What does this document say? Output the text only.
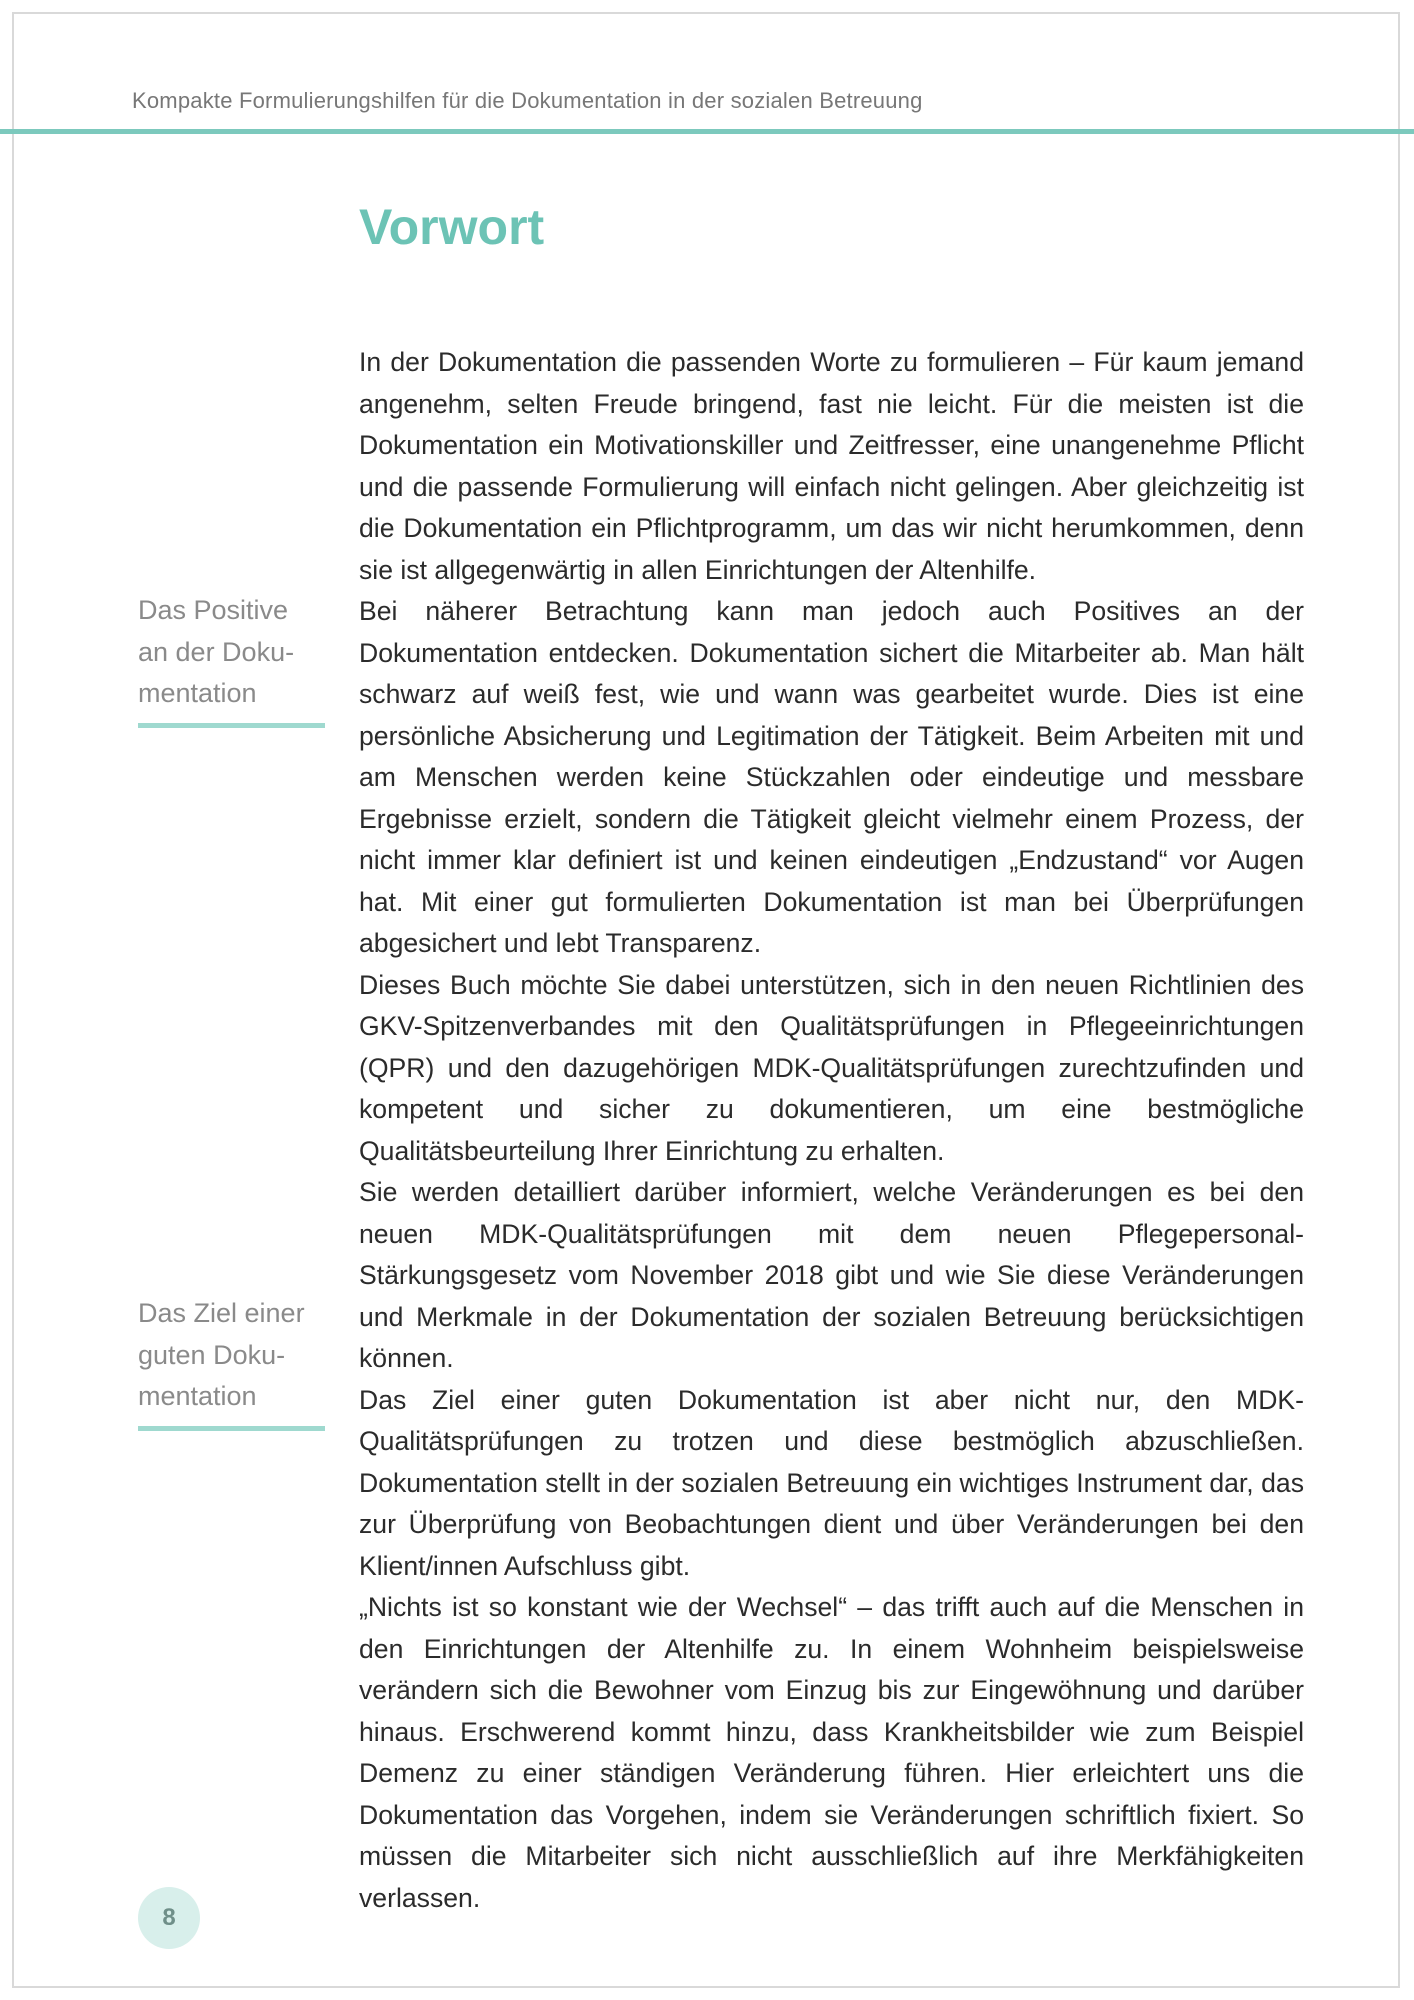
Kompakte Formulierungshilfen für die Dokumentation in der sozialen Betreuung
Vorwort
Das Positive
an der Doku-
mentation
Das Ziel einer
guten Doku-
mentation

In der Dokumentation die passenden Worte zu formulieren – Für kaum jemand angenehm, selten Freude bringend, fast nie leicht. Für die meisten ist die Dokumentation ein Motivationskiller und Zeitfresser, eine unangenehme Pflicht und die passende Formulierung will einfach nicht gelingen. Aber gleichzeitig ist die Dokumentation ein Pflichtprogramm, um das wir nicht herumkommen, denn sie ist allgegenwärtig in allen Einrichtungen der Altenhilfe.

Bei näherer Betrachtung kann man jedoch auch Positives an der Dokumentation entdecken. Dokumentation sichert die Mitarbeiter ab. Man hält schwarz auf weiß fest, wie und wann was gearbeitet wurde. Dies ist eine persönliche Absicherung und Legitimation der Tätigkeit. Beim Arbeiten mit und am Menschen werden keine Stückzahlen oder eindeutige und messbare Ergebnisse erzielt, sondern die Tätigkeit gleicht vielmehr einem Prozess, der nicht immer klar definiert ist und keinen eindeutigen „Endzustand“ vor Augen hat. Mit einer gut formulierten Dokumentation ist man bei Überprüfungen abgesichert und lebt Transparenz.

Dieses Buch möchte Sie dabei unterstützen, sich in den neuen Richtlinien des GKV-Spitzenverbandes mit den Qualitätsprüfungen in Pflegeeinrichtungen (QPR) und den dazugehörigen MDK-Qualitätsprüfungen zurechtzufinden und kompetent und sicher zu dokumentieren, um eine bestmögliche Qualitätsbeurteilung Ihrer Einrichtung zu erhalten.

Sie werden detailliert darüber informiert, welche Veränderungen es bei den neuen MDK-Qualitätsprüfungen mit dem neuen Pflegepersonal-Stärkungsgesetz vom November 2018 gibt und wie Sie diese Veränderungen und Merkmale in der Dokumentation der sozialen Betreuung berücksichtigen können.

Das Ziel einer guten Dokumentation ist aber nicht nur, den MDK-Qualitätsprüfungen zu trotzen und diese bestmöglich abzuschließen. Dokumentation stellt in der sozialen Betreuung ein wichtiges Instrument dar, das zur Überprüfung von Beobachtungen dient und über Veränderungen bei den Klient/innen Aufschluss gibt.

„Nichts ist so konstant wie der Wechsel“ – das trifft auch auf die Menschen in den Einrichtungen der Altenhilfe zu. In einem Wohnheim beispielsweise verändern sich die Bewohner vom Einzug bis zur Eingewöhnung und darüber hinaus. Erschwerend kommt hinzu, dass Krankheitsbilder wie zum Beispiel Demenz zu einer ständigen Veränderung führen. Hier erleichtert uns die Dokumentation das Vorgehen, indem sie Veränderungen schriftlich fixiert. So müssen die Mitarbeiter sich nicht ausschließlich auf ihre Merkfähigkeiten verlassen.

8
